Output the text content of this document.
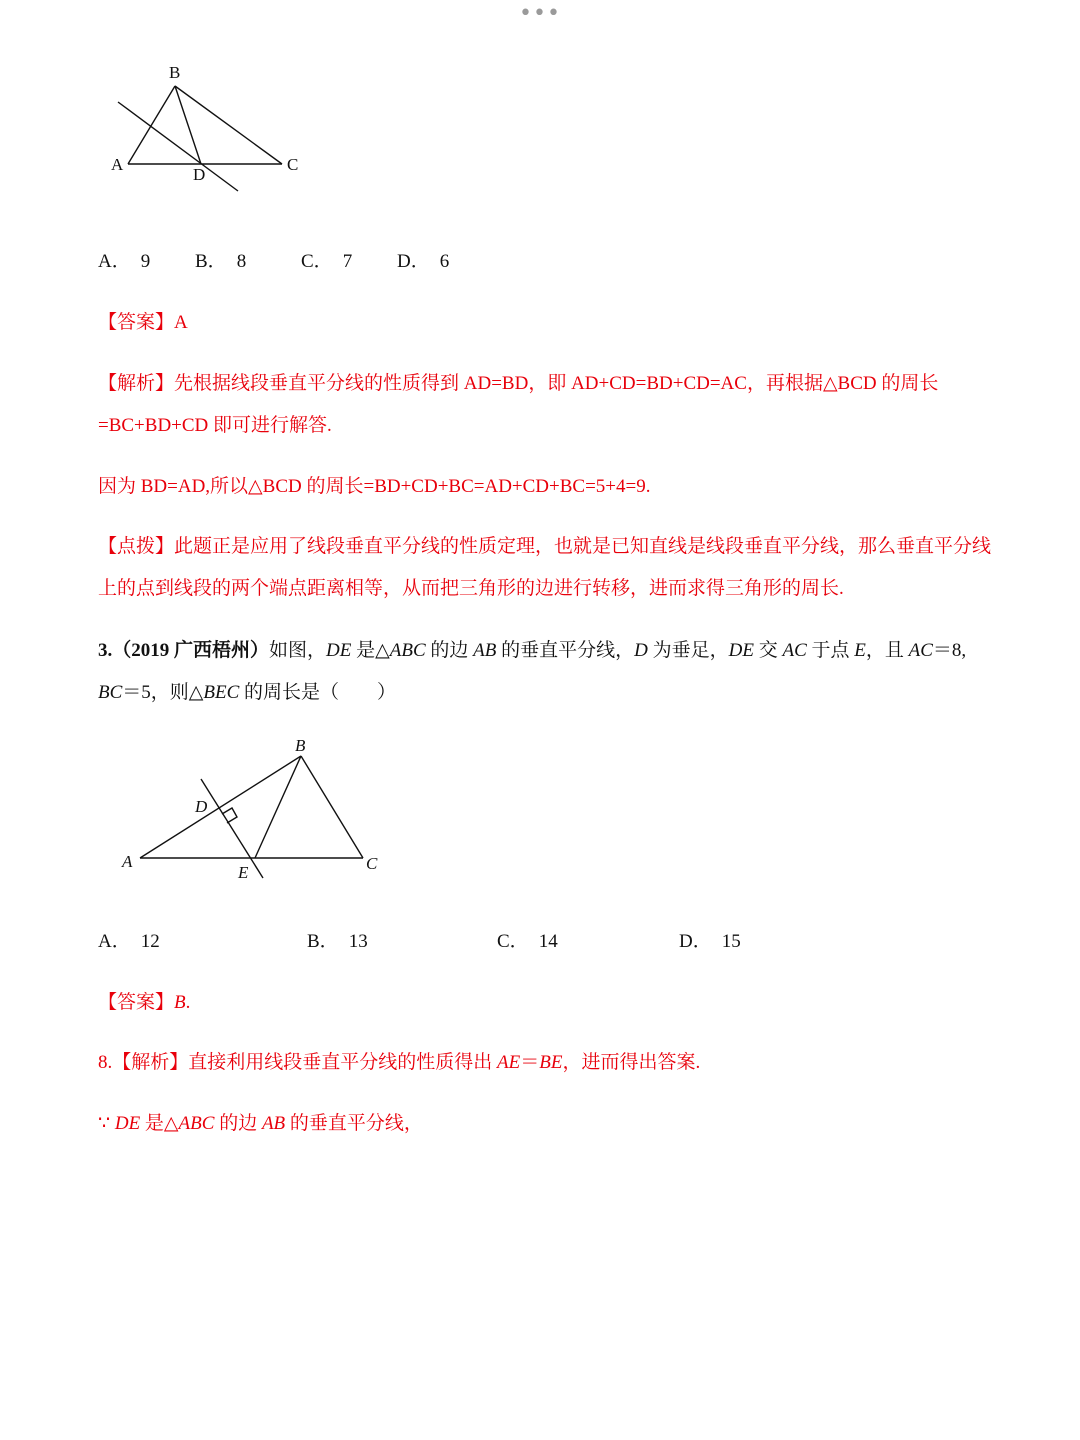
•••
B
A
D
C
A． 9 B． 8	C． 7 D． 6

【答案】A

【解析】先根据线段垂直平分线的性质得到 AD=BD，即 AD+CD=BD+CD=AC，再根据△BCD 的周长

=BC+BD+CD 即可进行解答.

因为 BD=AD,所以△BCD 的周长=BD+CD+BC=AD+CD+BC=5+4=9.

【点拨】此题正是应用了线段垂直平分线的性质定理，也就是已知直线是线段垂直平分线，那么垂直平分线

上的点到线段的两个端点距离相等，从而把三角形的边进行转移，进而求得三角形的周长.

3.（2019 广西梧州）如图，DE 是△ABC 的边 AB 的垂直平分线，D 为垂足，DE 交 AC 于点 E，且 AC＝8,

BC＝5，则△BEC 的周长是（　　）

B
D
A
E	C
A． 12	B． 13	C． 14	D． 15

【答案】B.

8.【解析】直接利用线段垂直平分线的性质得出 AE＝BE，进而得出答案.

∵ DE 是△ABC 的边 AB 的垂直平分线，
